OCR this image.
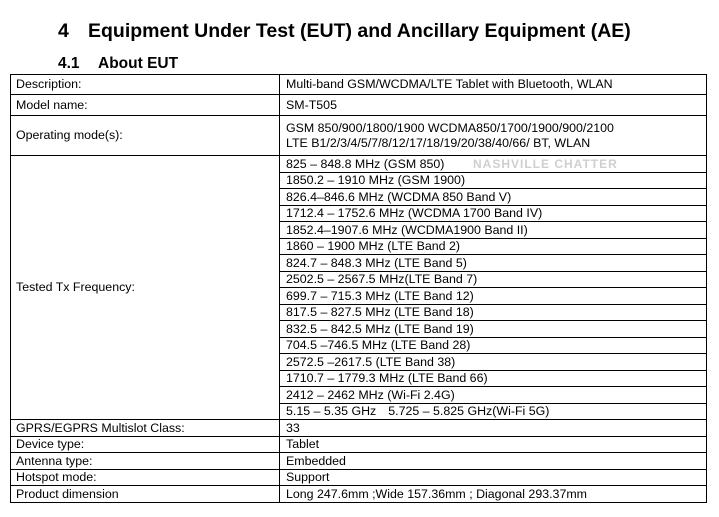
4 Equipment Under Test (EUT) and Ancillary Equipment (AE)
4.1 About EUT
Description:	Multi-band GSM/WCDMA/LTE Tablet with Bluetooth, WLAN
Model name:	SM-T505
Operating mode(s):	GSM 850/900/1800/1900 WCDMA850/1700/1900/900/2100
LTE B1/2/3/4/5/7/8/12/17/18/19/20/38/40/66/ BT, WLAN

Tested Tx Frequency:	825 – 848.8 MHz (GSM 850)
	1850.2 – 1910 MHz (GSM 1900)
	826.4–846.6 MHz (WCDMA 850 Band V)
	1712.4 – 1752.6 MHz (WCDMA 1700 Band IV)
	1852.4–1907.6 MHz (WCDMA1900 Band II)
	1860 – 1900 MHz (LTE Band 2)
	824.7 – 848.3 MHz (LTE Band 5)
	2502.5 – 2567.5 MHz(LTE Band 7)
	699.7 – 715.3 MHz (LTE Band 12)
	817.5 – 827.5 MHz (LTE Band 18)
	832.5 – 842.5 MHz (LTE Band 19)
	704.5 –746.5 MHz (LTE Band 28)
	2572.5 –2617.5 (LTE Band 38)
	1710.7 – 1779.3 MHz (LTE Band 66)
	2412 – 2462 MHz (Wi-Fi 2.4G)
	5.15 – 5.35 GHz 5.725 – 5.825 GHz(Wi-Fi 5G)
GPRS/EGPRS Multislot Class:	33
Device type:	Tablet
Antenna type:	Embedded
Hotspot mode:	Support
Product dimension	Long 247.6mm ;Wide 157.36mm ; Diagonal 293.37mm
NASHVILLE CHATTER
